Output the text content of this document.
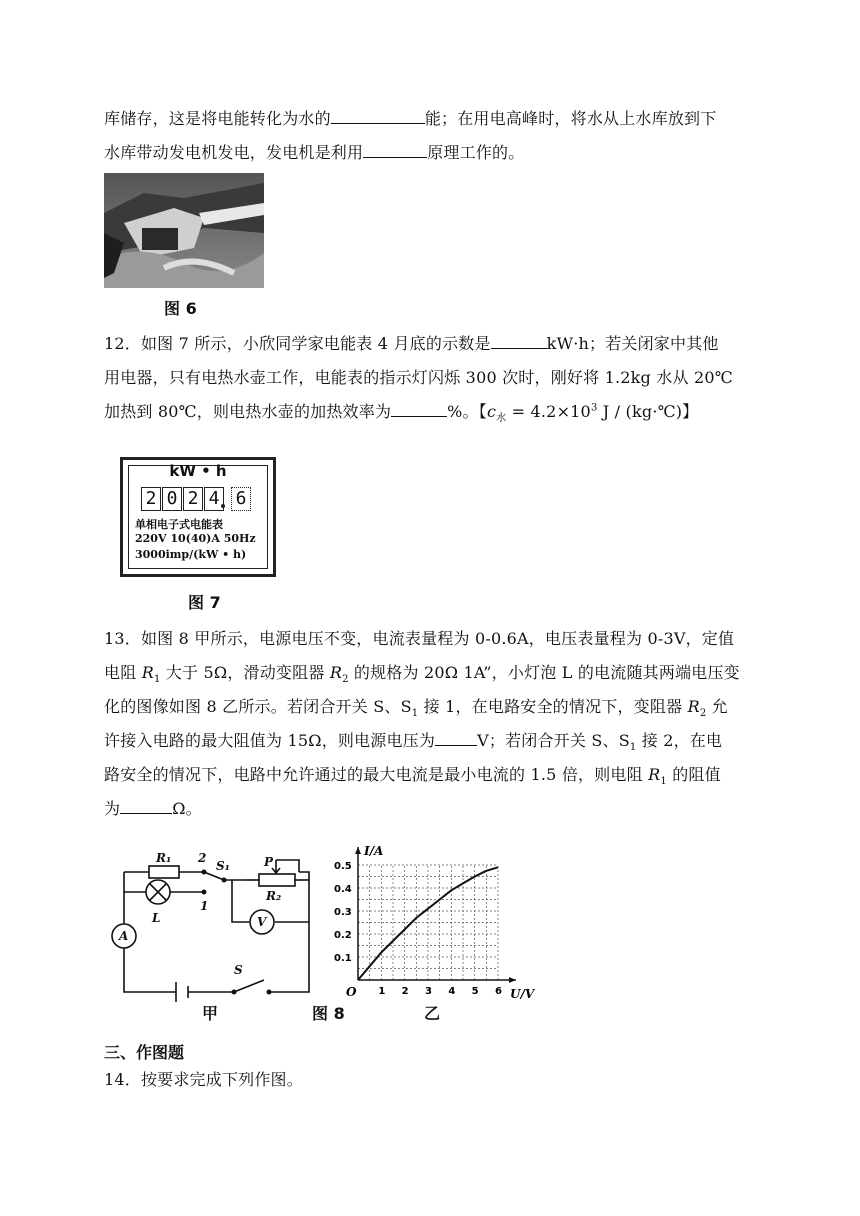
库储存，这是将电能转化为水的	能；在用电高峰时，将水从上水库放到下
水库带动发电机发电，发电机是利用	原理工作的。
图 6
12．如图 7 所示，小欣同学家电能表 4 月底的示数是	kW·h；若关闭家中其他
用电器，只有电热水壶工作，电能表的指示灯闪烁 300 次时，刚好将 1.2kg 水从 20℃
加热到 80℃，则电热水壶的加热效率为	%。【$c_水 = 4.2\times 10^3$ J / (kg·℃)】
kW • h
2 0 2 4 6
单相电子式电能表
220V 10(40)A 50Hz
3000imp/(kW • h)
图 7
13．如图 8 甲所示，电源电压不变，电流表量程为 0-0.6A，电压表量程为 0-3V，定值
电阻 $R_1$ 大于 5Ω，滑动变阻器 $R_2$ 的规格为 20Ω 1A”，小灯泡 L 的电流随其两端电压变
化的图像如图 8 乙所示。若闭合开关 S、$S_1$ 接 1，在电路安全的情况下，变阻器 $R_2$ 允
许接入电路的最大阻值为 15Ω，则电源电压为	V；若闭合开关 S、$S_1$ 接 2，在电
路安全的情况下，电路中允许通过的最大电流是最小电流的 1.5 倍，则电阻 $R_1$ 的阻值
为	Ω。
R₁ 2
S₁	P
R₂
L
1
A
V
S
1 2 3 4 5 6
0.1
0.2
0.3
0.4
0.5
O	U/V
I/A
甲	图 8	乙
三、作图题
14．按要求完成下列作图。
